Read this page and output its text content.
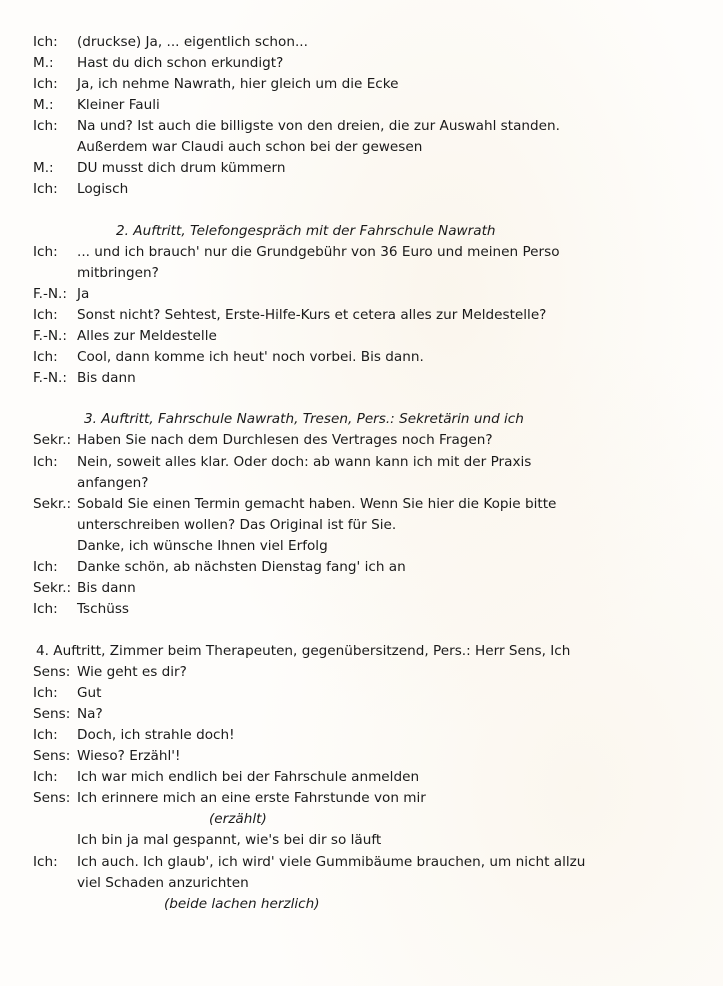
Ich: (druckse) Ja, ... eigentlich schon...
M.: Hast du dich schon erkundigt?
Ich: Ja, ich nehme Nawrath, hier gleich um die Ecke
M.: Kleiner Fauli
Ich: Na und? Ist auch die billigste von den dreien, die zur Auswahl standen.
Außerdem war Claudi auch schon bei der gewesen
M.: DU musst dich drum kümmern
Ich: Logisch
2. Auftritt, Telefongespräch mit der Fahrschule Nawrath
Ich: ... und ich brauch' nur die Grundgebühr von 36 Euro und meinen Perso
mitbringen?
F.-N.: Ja
Ich: Sonst nicht? Sehtest, Erste-Hilfe-Kurs et cetera alles zur Meldestelle?
F.-N.: Alles zur Meldestelle
Ich: Cool, dann komme ich heut' noch vorbei. Bis dann.
F.-N.: Bis dann
3. Auftritt, Fahrschule Nawrath, Tresen, Pers.: Sekretärin und ich
Sekr.: Haben Sie nach dem Durchlesen des Vertrages noch Fragen?
Ich: Nein, soweit alles klar. Oder doch: ab wann kann ich mit der Praxis
anfangen?
Sekr.: Sobald Sie einen Termin gemacht haben. Wenn Sie hier die Kopie bitte
unterschreiben wollen? Das Original ist für Sie.
Danke, ich wünsche Ihnen viel Erfolg
Ich: Danke schön, ab nächsten Dienstag fang' ich an
Sekr.: Bis dann
Ich: Tschüss
4. Auftritt, Zimmer beim Therapeuten, gegenübersitzend, Pers.: Herr Sens, Ich
Sens: Wie geht es dir?
Ich: Gut
Sens: Na?
Ich: Doch, ich strahle doch!
Sens: Wieso? Erzähl'!
Ich: Ich war mich endlich bei der Fahrschule anmelden
Sens: Ich erinnere mich an eine erste Fahrstunde von mir
(erzählt)
Ich bin ja mal gespannt, wie's bei dir so läuft
Ich: Ich auch. Ich glaub', ich wird' viele Gummibäume brauchen, um nicht allzu
viel Schaden anzurichten
(beide lachen herzlich)
